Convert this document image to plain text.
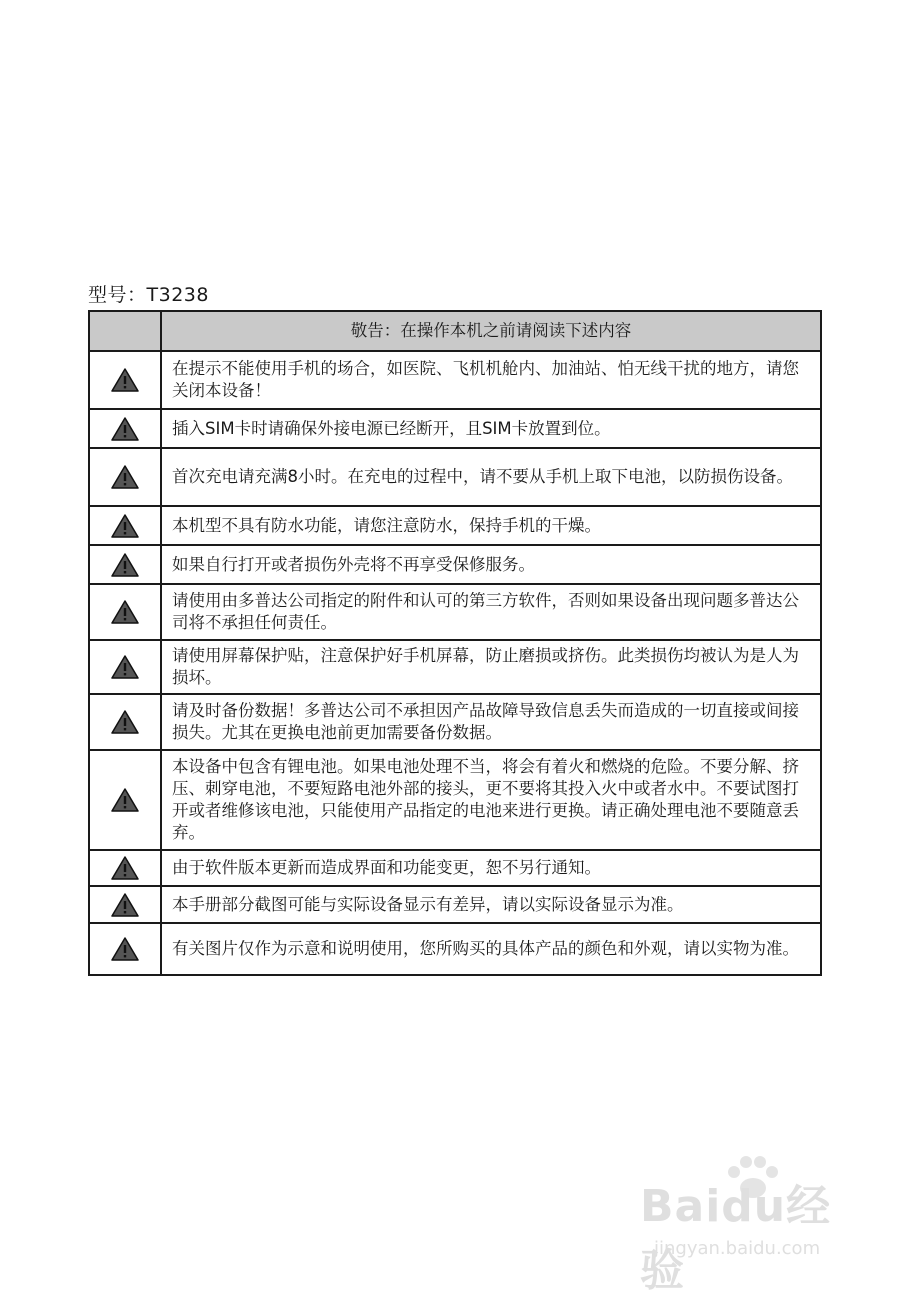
型号：T3238
	敬告：在操作本机之前请阅读下述内容
	在提示不能使用手机的场合，如医院、飞机机舱内、加油站、怕无线干扰的地方，请您关闭本设备！
	插入SIM卡时请确保外接电源已经断开，且SIM卡放置到位。
	首次充电请充满8小时。在充电的过程中，请不要从手机上取下电池，以防损伤设备。
	本机型不具有防水功能，请您注意防水，保持手机的干燥。
	如果自行打开或者损伤外壳将不再享受保修服务。
	请使用由多普达公司指定的附件和认可的第三方软件，否则如果设备出现问题多普达公司将不承担任何责任。
	请使用屏幕保护贴，注意保护好手机屏幕，防止磨损或挤伤。此类损伤均被认为是人为损坏。
	请及时备份数据！多普达公司不承担因产品故障导致信息丢失而造成的一切直接或间接损失。尤其在更换电池前更加需要备份数据。
	本设备中包含有锂电池。如果电池处理不当，将会有着火和燃烧的危险。不要分解、挤压、刺穿电池，不要短路电池外部的接头，更不要将其投入火中或者水中。不要试图打开或者维修该电池，只能使用产品指定的电池来进行更换。请正确处理电池不要随意丢弃。
	由于软件版本更新而造成界面和功能变更，恕不另行通知。
	本手册部分截图可能与实际设备显示有差异，请以实际设备显示为准。
	有关图片仅作为示意和说明使用，您所购买的具体产品的颜色和外观，请以实物为准。
Baidu经验
jingyan.baidu.com
